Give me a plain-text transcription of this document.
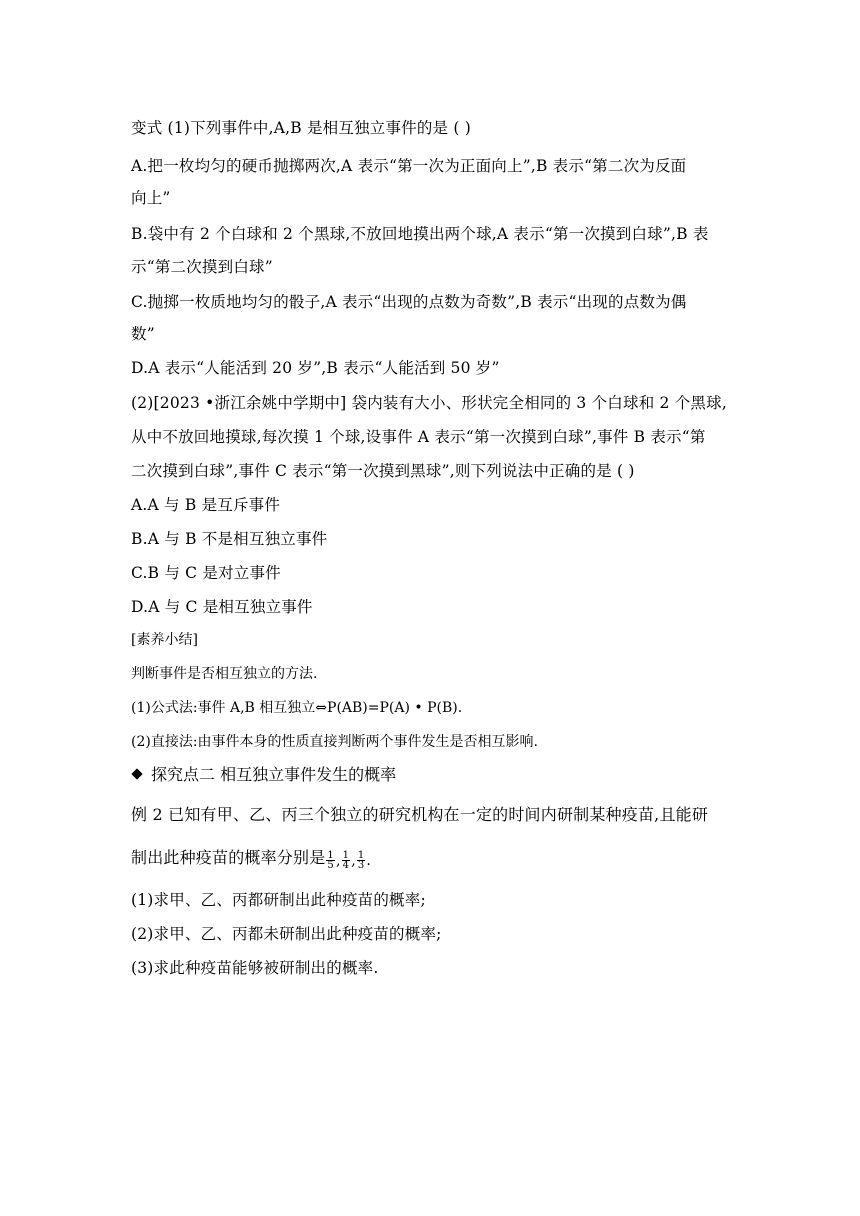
变式 (1)下列事件中,A,B 是相互独立事件的是 ( )
A.把一枚均匀的硬币抛掷两次,A 表示“第一次为正面向上”,B 表示“第二次为反面
向上”
B.袋中有 2 个白球和 2 个黑球,不放回地摸出两个球,A 表示“第一次摸到白球”,B 表
示“第二次摸到白球”
C.抛掷一枚质地均匀的骰子,A 表示“出现的点数为奇数”,B 表示“出现的点数为偶
数”
D.A 表示“人能活到 20 岁”,B 表示“人能活到 50 岁”
(2)[2023 •浙江余姚中学期中] 袋内装有大小、形状完全相同的 3 个白球和 2 个黑球,
从中不放回地摸球,每次摸 1 个球,设事件 A 表示“第一次摸到白球”,事件 B 表示“第
二次摸到白球”,事件 C 表示“第一次摸到黑球”,则下列说法中正确的是 ( )
A.A 与 B 是互斥事件
B.A 与 B 不是相互独立事件
C.B 与 C 是对立事件
D.A 与 C 是相互独立事件
[素养小结]
判断事件是否相互独立的方法.
(1)公式法:事件 A,B 相互独立⇔P(AB)=P(A) • P(B).
(2)直接法:由事件本身的性质直接判断两个事件发生是否相互影响.
探究点二 相互独立事件发生的概率
例 2 已知有甲、乙、丙三个独立的研究机构在一定的时间内研制某种疫苗,且能研
制出此种疫苗的概率分别是 $\frac{1}{5}$ , $\frac{1}{4}$ , $\frac{1}{3}$ .
(1)求甲、乙、丙都研制出此种疫苗的概率;
(2)求甲、乙、丙都未研制出此种疫苗的概率;
(3)求此种疫苗能够被研制出的概率.
